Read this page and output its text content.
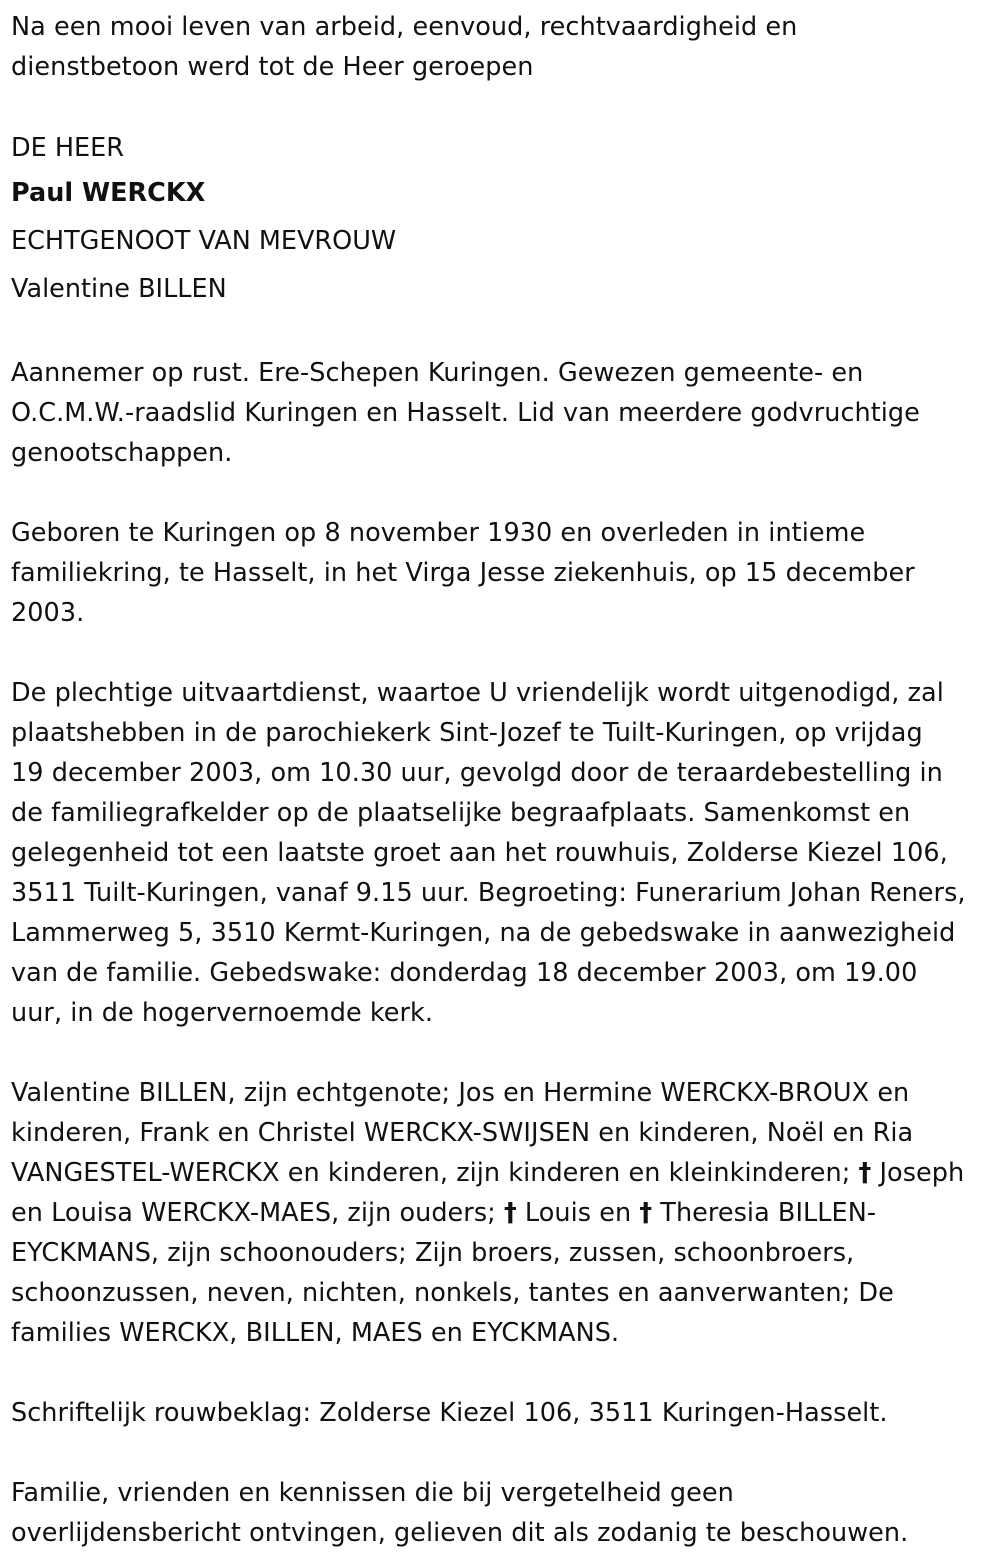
Na een mooi leven van arbeid, eenvoud, rechtvaardigheid en
dienstbetoon werd tot de Heer geroepen
DE HEER
Paul WERCKX
ECHTGENOOT VAN MEVROUW
Valentine BILLEN
Aannemer op rust. Ere-Schepen Kuringen. Gewezen gemeente- en
O.C.M.W.-raadslid Kuringen en Hasselt. Lid van meerdere godvruchtige
genootschappen.
Geboren te Kuringen op 8 november 1930 en overleden in intieme
familiekring, te Hasselt, in het Virga Jesse ziekenhuis, op 15 december
2003.
De plechtige uitvaartdienst, waartoe U vriendelijk wordt uitgenodigd, zal
plaatshebben in de parochiekerk Sint-Jozef te Tuilt-Kuringen, op vrijdag
19 december 2003, om 10.30 uur, gevolgd door de teraardebestelling in
de familiegrafkelder op de plaatselijke begraafplaats. Samenkomst en
gelegenheid tot een laatste groet aan het rouwhuis, Zolderse Kiezel 106,
3511 Tuilt-Kuringen, vanaf 9.15 uur. Begroeting: Funerarium Johan Reners,
Lammerweg 5, 3510 Kermt-Kuringen, na de gebedswake in aanwezigheid
van de familie. Gebedswake: donderdag 18 december 2003, om 19.00
uur, in de hogervernoemde kerk.
Valentine BILLEN, zijn echtgenote; Jos en Hermine WERCKX-BROUX en
kinderen, Frank en Christel WERCKX-SWIJSEN en kinderen, Noël en Ria
VANGESTEL-WERCKX en kinderen, zijn kinderen en kleinkinderen; † Joseph
en Louisa WERCKX-MAES, zijn ouders; † Louis en † Theresia BILLEN-
EYCKMANS, zijn schoonouders; Zijn broers, zussen, schoonbroers,
schoonzussen, neven, nichten, nonkels, tantes en aanverwanten; De
families WERCKX, BILLEN, MAES en EYCKMANS.
Schriftelijk rouwbeklag: Zolderse Kiezel 106, 3511 Kuringen-Hasselt.
Familie, vrienden en kennissen die bij vergetelheid geen
overlijdensbericht ontvingen, gelieven dit als zodanig te beschouwen.
